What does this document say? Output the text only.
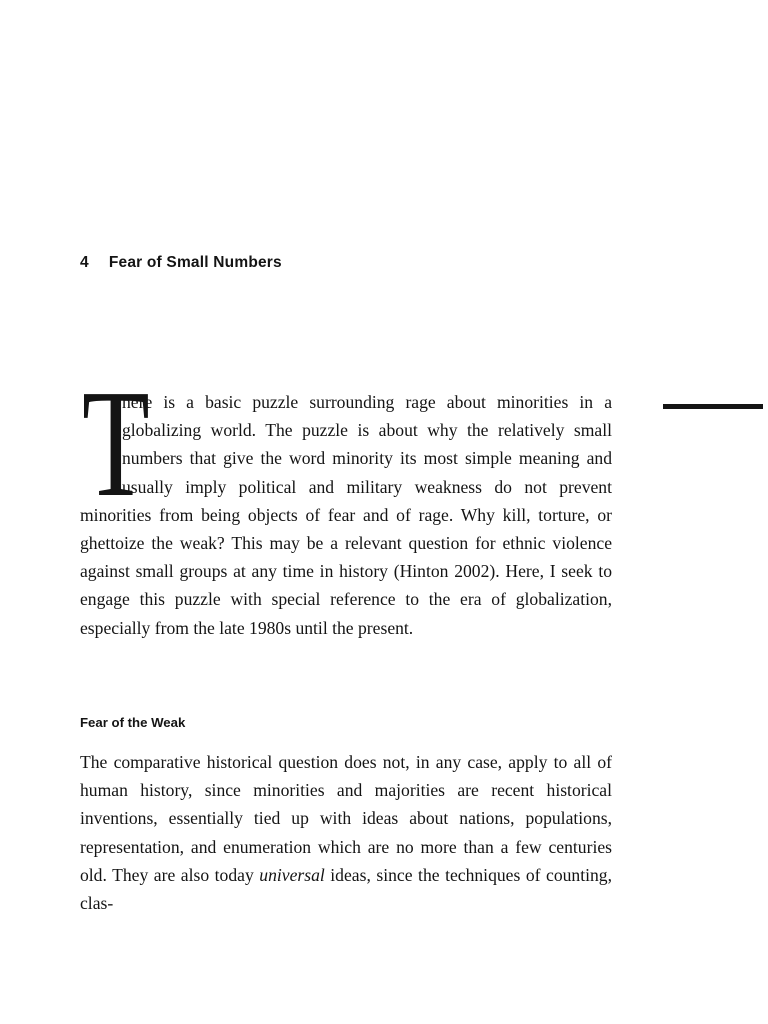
4 Fear of Small Numbers

T
here is a basic puzzle surrounding rage about minorities in a globalizing world. The puzzle is about why the relatively small numbers that give the word minority its most simple meaning and usually imply political and military weakness do not prevent minorities from being objects of fear and of rage. Why kill, torture, or ghettoize the weak? This may be a relevant question for ethnic violence against small groups at any time in history (Hinton 2002). Here, I seek to engage this puzzle with special reference to the era of globalization, especially from the late 1980s until the present.

Fear of the Weak

The comparative historical question does not, in any case, apply to all of human history, since minorities and majorities are recent historical inventions, essentially tied up with ideas about nations, populations, representation, and enumeration which are no more than a few centuries old. They are also today universal ideas, since the techniques of counting, clas-
